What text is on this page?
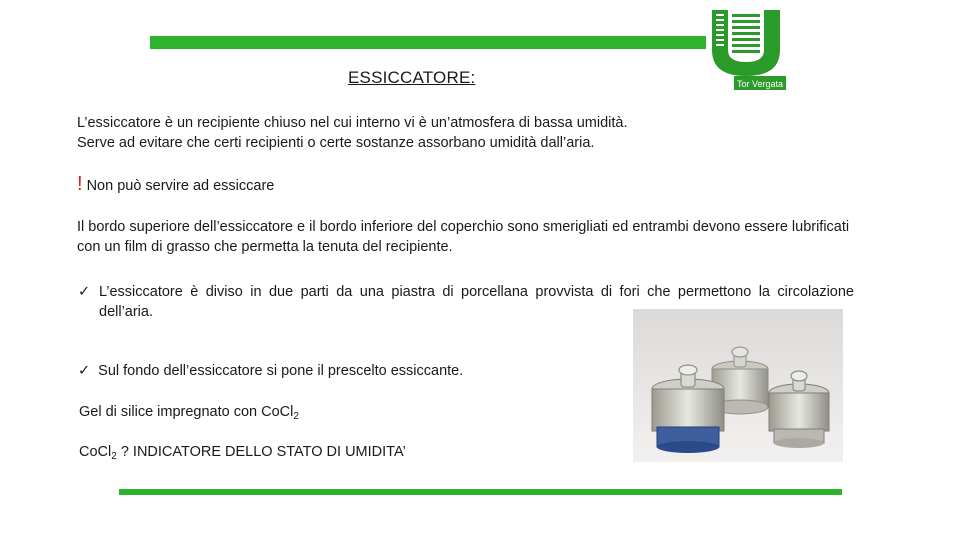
Tor Vergata
ESSICCATORE:
L’essiccatore è un recipiente chiuso nel cui interno vi è un’atmosfera di bassa umidità.
Serve ad evitare che certi recipienti o certe sostanze assorbano umidità dall’aria.
! Non può servire ad essiccare
Il bordo superiore dell’essiccatore e il bordo inferiore del coperchio sono smerigliati ed entrambi devono essere lubrificati con un film di grasso che permetta la tenuta del recipiente.
✓ L’essiccatore è diviso in due parti da una piastra di porcellana provvista di fori che permettono la circolazione dell’aria.
✓ Sul fondo dell’essiccatore si pone il prescelto essiccante.
Gel di silice impregnato con CoCl$_2$
CoCl$_2$ ? INDICATORE DELLO STATO DI UMIDITA’
